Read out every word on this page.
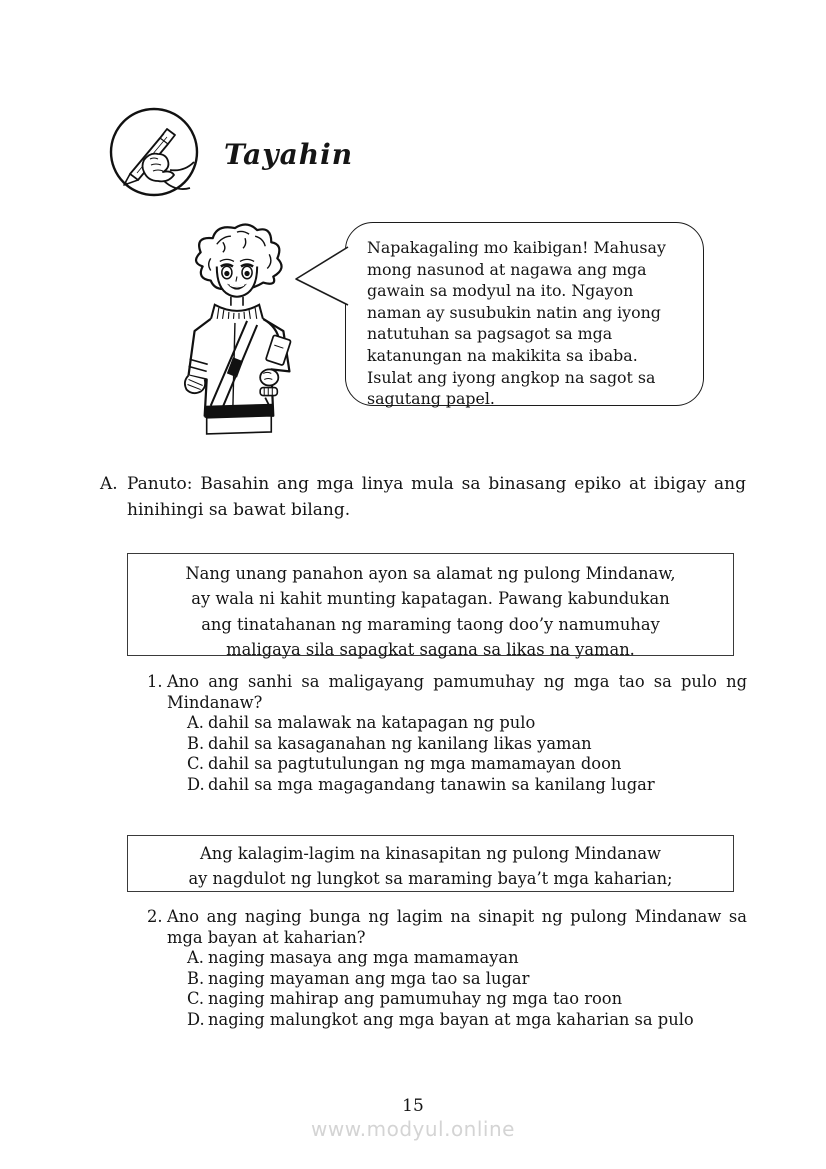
Tayahin

Napakagaling mo kaibigan! Mahusay mong nasunod at nagawa ang mga gawain sa modyul na ito. Ngayon naman ay susubukin natin ang iyong natutuhan sa pagsagot sa mga katanungan na makikita sa ibaba. Isulat ang iyong angkop na sagot sa sagutang papel.

A. Panuto: Basahin ang mga linya mula sa binasang epiko at ibigay ang hinihingi sa bawat bilang.

Nang unang panahon ayon sa alamat ng pulong Mindanaw,
ay wala ni kahit munting kapatagan. Pawang kabundukan
ang tinatahanan ng maraming taong doo’y namumuhay
maligaya sila sapagkat sagana sa likas na yaman.
1. Ano ang sanhi sa maligayang pamumuhay ng mga tao sa pulo ng Mindanaw?

A. dahil sa malawak na katapagan ng pulo
B. dahil sa kasaganahan ng kanilang likas yaman
C. dahil sa pagtutulungan ng mga mamamayan doon
D. dahil sa mga magagandang tanawin sa kanilang lugar
Ang kalagim-lagim na kinasapitan ng pulong Mindanaw
ay nagdulot ng lungkot sa maraming baya’t mga kaharian;
2. Ano ang naging bunga ng lagim na sinapit ng pulong Mindanaw sa mga bayan at kaharian?

A. naging masaya ang mga mamamayan
B. naging mayaman ang mga tao sa lugar
C. naging mahirap ang pamumuhay ng mga tao roon
D. naging malungkot ang mga bayan at mga kaharian sa pulo
15
www.modyul.online
